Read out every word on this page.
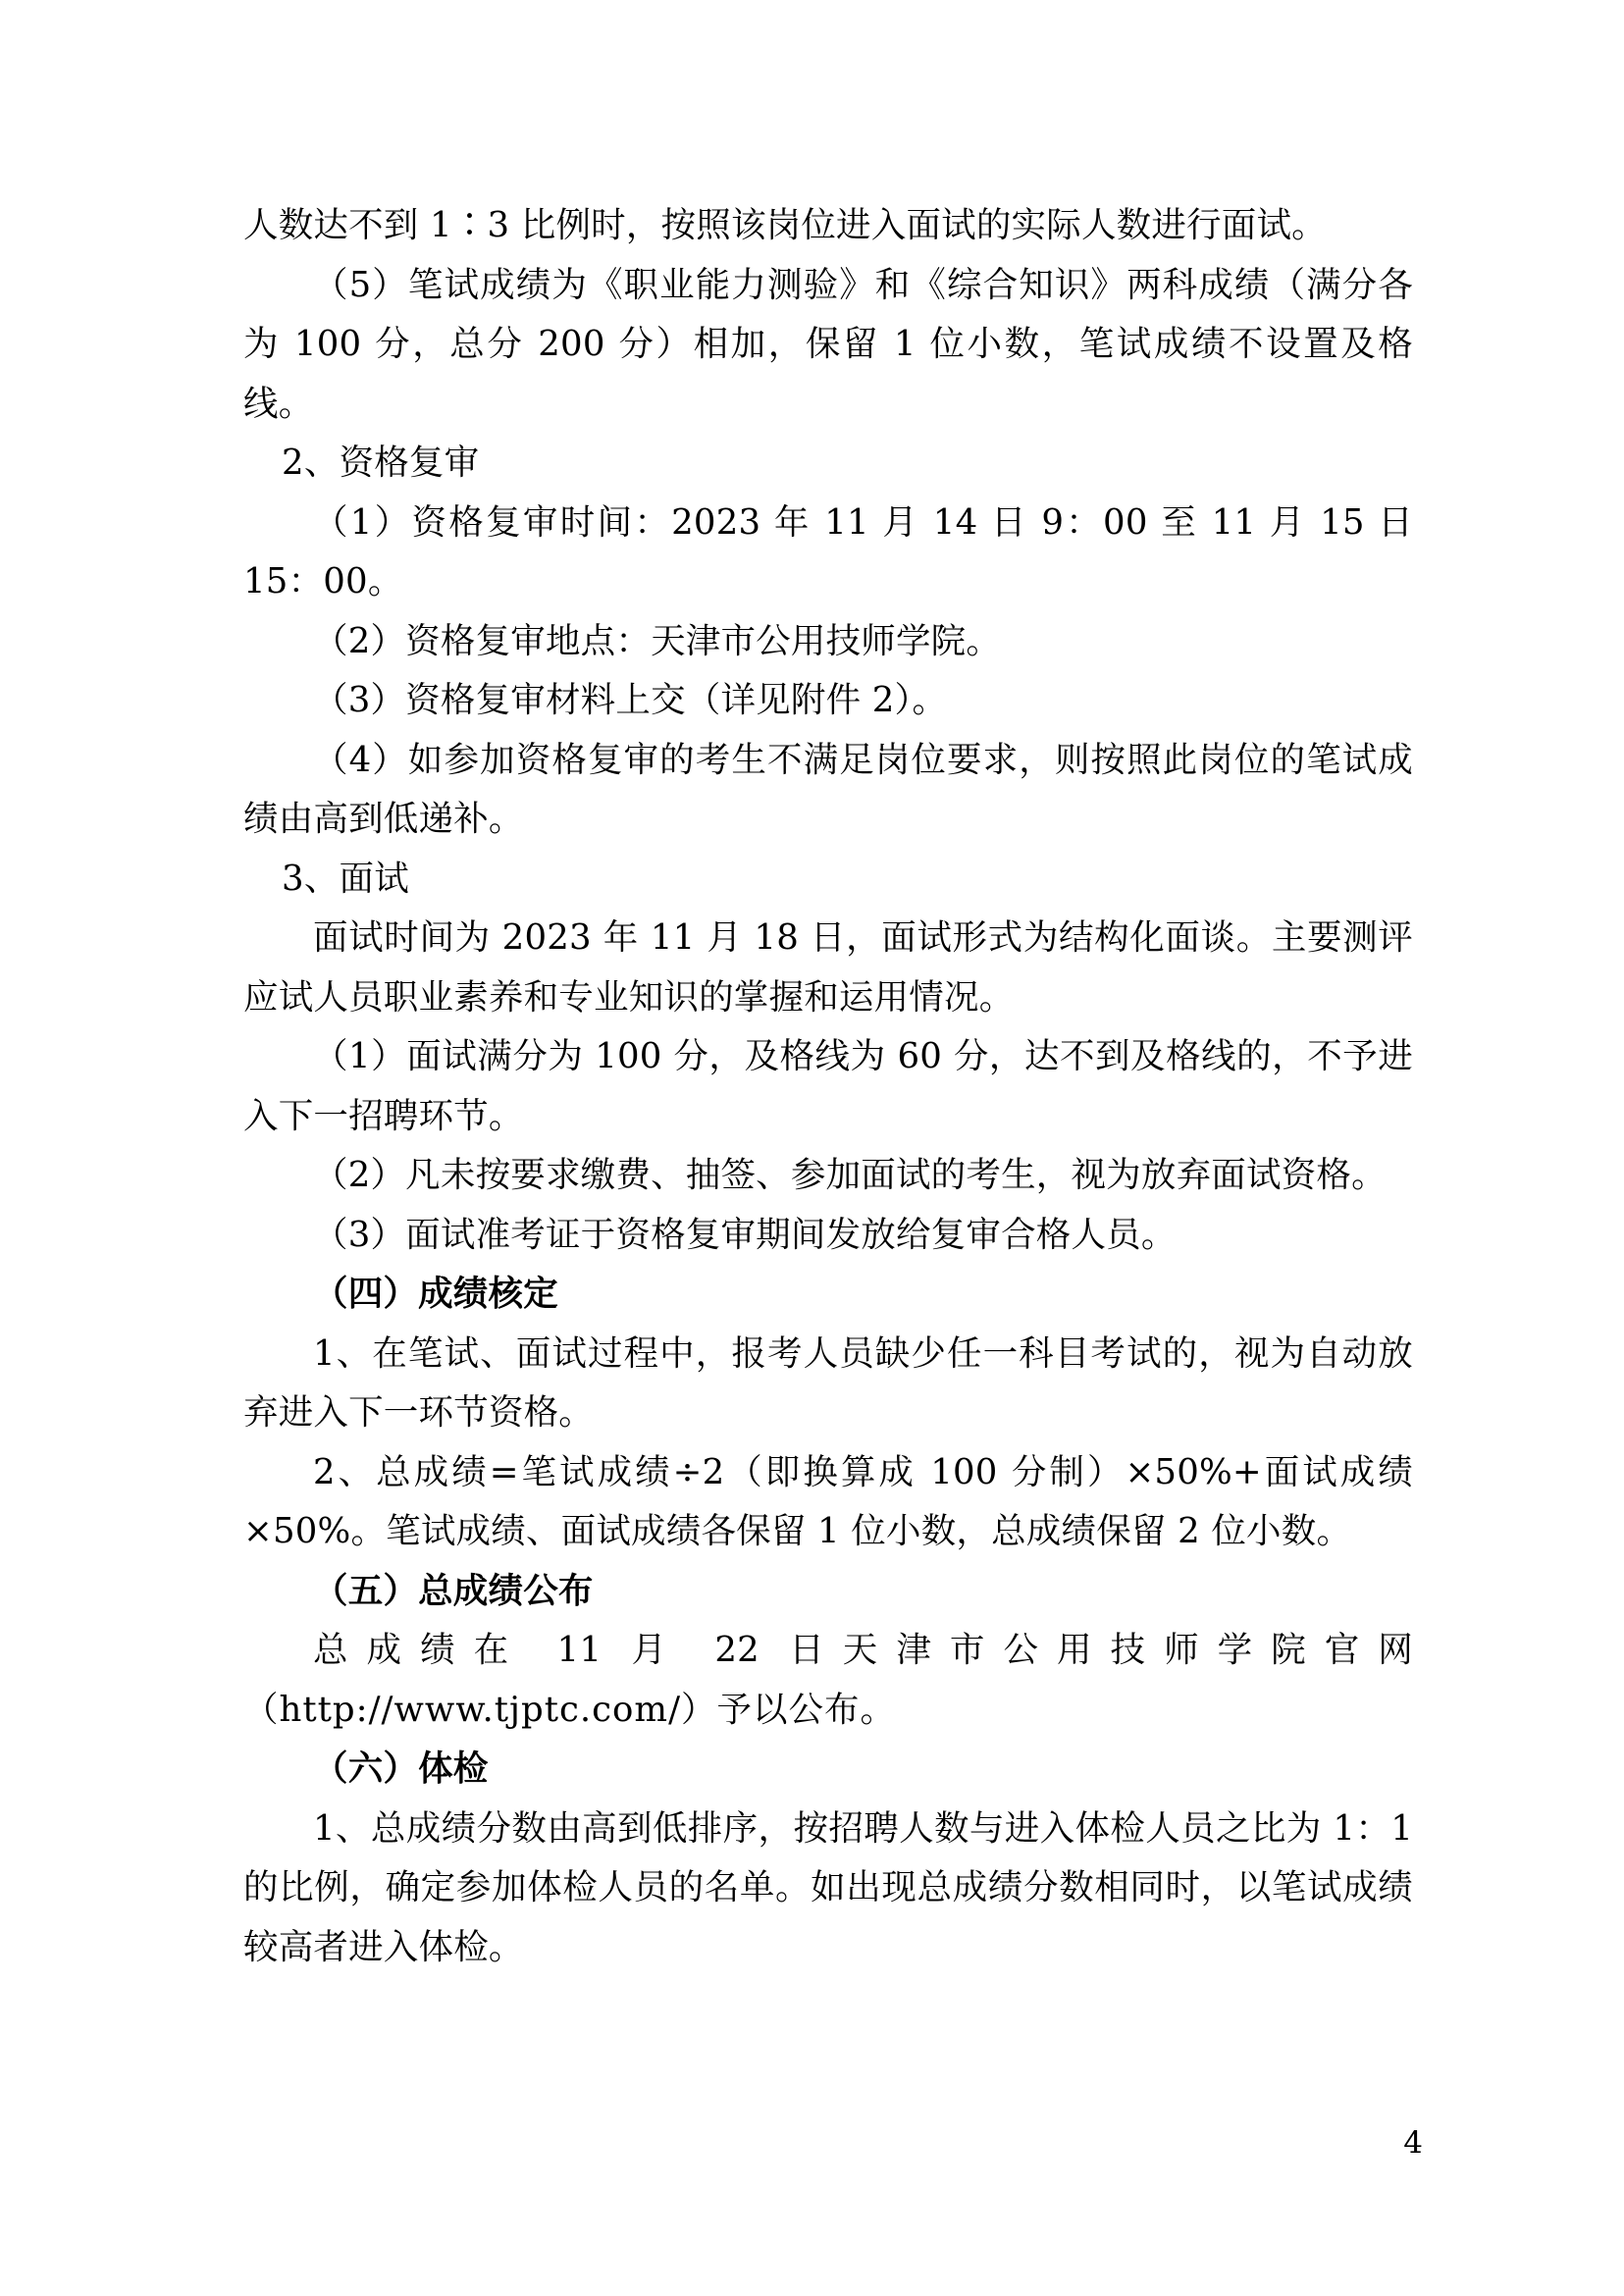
人数达不到 1∶3 比例时，按照该岗位进入面试的实际人数进行面试。

（5）笔试成绩为《职业能力测验》和《综合知识》两科成绩（满分各为 100 分，总分 200 分）相加，保留 1 位小数，笔试成绩不设置及格线。

2、资格复审

（1）资格复审时间：2023 年 11 月 14 日 9：00 至 11 月 15 日 15：00。

（2）资格复审地点：天津市公用技师学院。

（3）资格复审材料上交（详见附件 2）。

（4）如参加资格复审的考生不满足岗位要求，则按照此岗位的笔试成绩由高到低递补。

3、面试

面试时间为 2023 年 11 月 18 日，面试形式为结构化面谈。主要测评应试人员职业素养和专业知识的掌握和运用情况。

（1）面试满分为 100 分，及格线为 60 分，达不到及格线的，不予进入下一招聘环节。

（2）凡未按要求缴费、抽签、参加面试的考生，视为放弃面试资格。

（3）面试准考证于资格复审期间发放给复审合格人员。

（四）成绩核定

1、在笔试、面试过程中，报考人员缺少任一科目考试的，视为自动放弃进入下一环节资格。

2、总成绩=笔试成绩÷2（即换算成 100 分制）×50%+面试成绩×50%。笔试成绩、面试成绩各保留 1 位小数，总成绩保留 2 位小数。

（五）总成绩公布

总成绩在 11 月 22 日天津市公用技师学院官网

（http://www.tjptc.com/）予以公布。

（六）体检

1、总成绩分数由高到低排序，按招聘人数与进入体检人员之比为 1：1 的比例，确定参加体检人员的名单。如出现总成绩分数相同时，以笔试成绩较高者进入体检。

4
